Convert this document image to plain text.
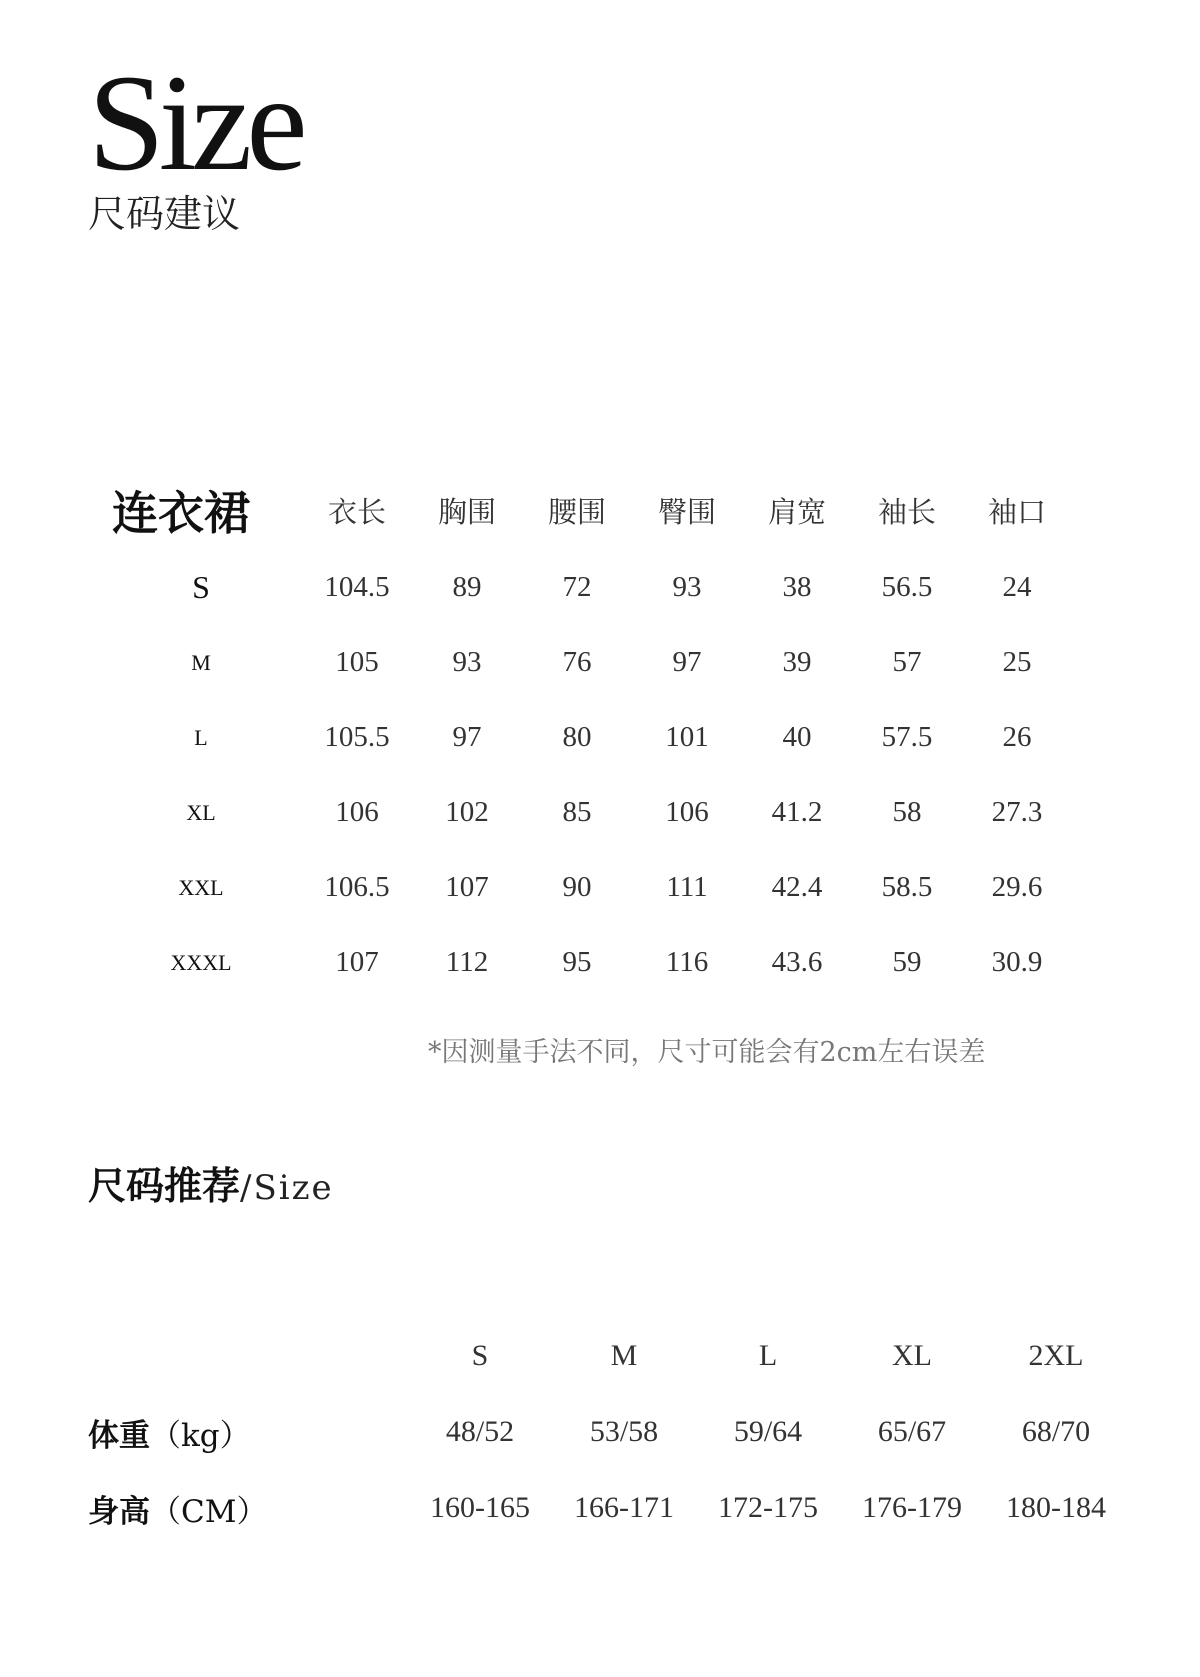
Size
尺码建议
连衣裙	衣长	胸围	腰围	臀围	肩宽	袖长	袖口
S	104.5	89	72	93	38	56.5	24
M	105	93	76	97	39	57	25
L	105.5	97	80	101	40	57.5	26
XL	106	102	85	106	41.2	58	27.3
XXL	106.5	107	90	111	42.4	58.5	29.6
XXXL	107	112	95	116	43.6	59	30.9
*因测量手法不同，尺寸可能会有2cm左右误差
尺码推荐/Size
	S	M	L	XL	2XL
体重（kg）	48/52	53/58	59/64	65/67	68/70
身高（CM）	160-165	166-171	172-175	176-179	180-184
